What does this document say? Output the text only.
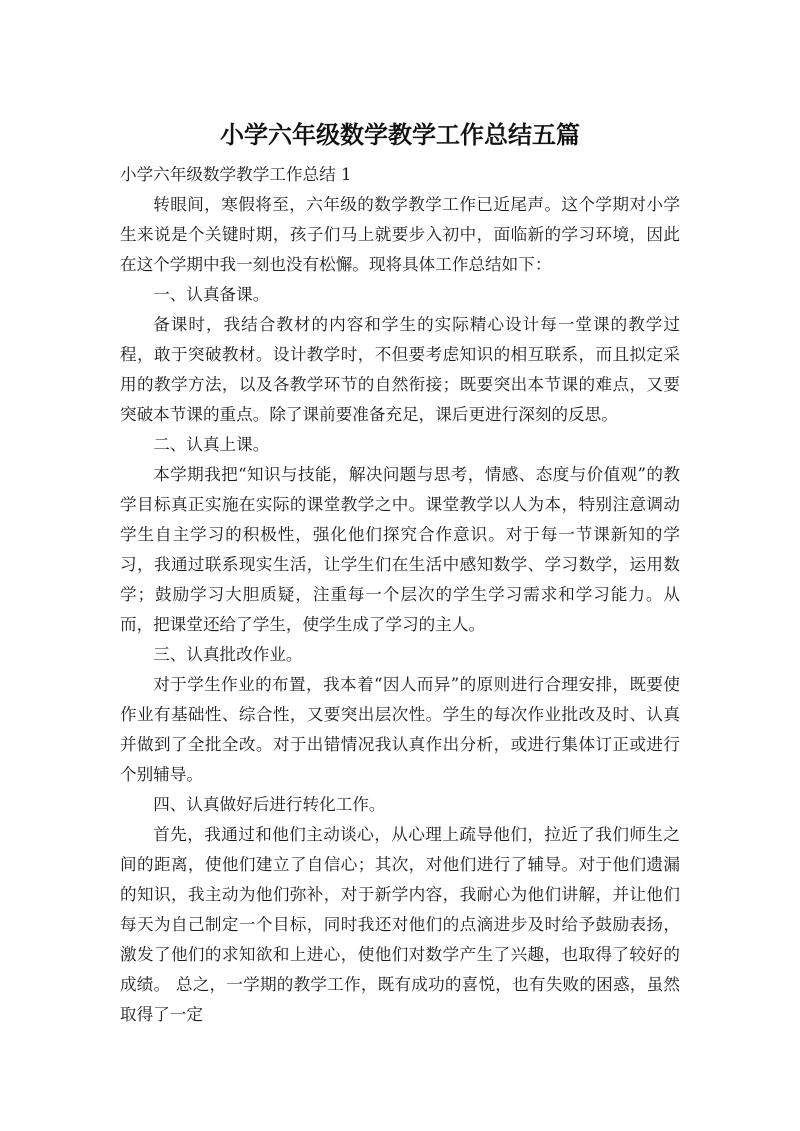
小学六年级数学教学工作总结五篇

小学六年级数学教学工作总结 1

转眼间，寒假将至，六年级的数学教学工作已近尾声。这个学期对小学生来说是个关键时期，孩子们马上就要步入初中，面临新的学习环境，因此在这个学期中我一刻也没有松懈。现将具体工作总结如下：

一、认真备课。

备课时，我结合教材的内容和学生的实际精心设计每一堂课的教学过程，敢于突破教材。设计教学时，不但要考虑知识的相互联系，而且拟定采用的教学方法，以及各教学环节的自然衔接；既要突出本节课的难点，又要突破本节课的重点。除了课前要准备充足，课后更进行深刻的反思。

二、认真上课。

本学期我把“知识与技能，解决问题与思考，情感、态度与价值观”的教学目标真正实施在实际的课堂教学之中。课堂教学以人为本，特别注意调动学生自主学习的积极性，强化他们探究合作意识。对于每一节课新知的学习，我通过联系现实生活，让学生们在生活中感知数学、学习数学，运用数学；鼓励学习大胆质疑，注重每一个层次的学生学习需求和学习能力。从而，把课堂还给了学生，使学生成了学习的主人。

三、认真批改作业。

对于学生作业的布置，我本着“因人而异”的原则进行合理安排，既要使作业有基础性、综合性，又要突出层次性。学生的每次作业批改及时、认真并做到了全批全改。对于出错情况我认真作出分析，或进行集体订正或进行个别辅导。

四、认真做好后进行转化工作。

首先，我通过和他们主动谈心，从心理上疏导他们，拉近了我们师生之间的距离，使他们建立了自信心；其次，对他们进行了辅导。对于他们遗漏的知识，我主动为他们弥补，对于新学内容，我耐心为他们讲解，并让他们每天为自己制定一个目标，同时我还对他们的点滴进步及时给予鼓励表扬，激发了他们的求知欲和上进心，使他们对数学产生了兴趣，也取得了较好的成绩。 总之，一学期的教学工作，既有成功的喜悦，也有失败的困惑，虽然取得了一定
